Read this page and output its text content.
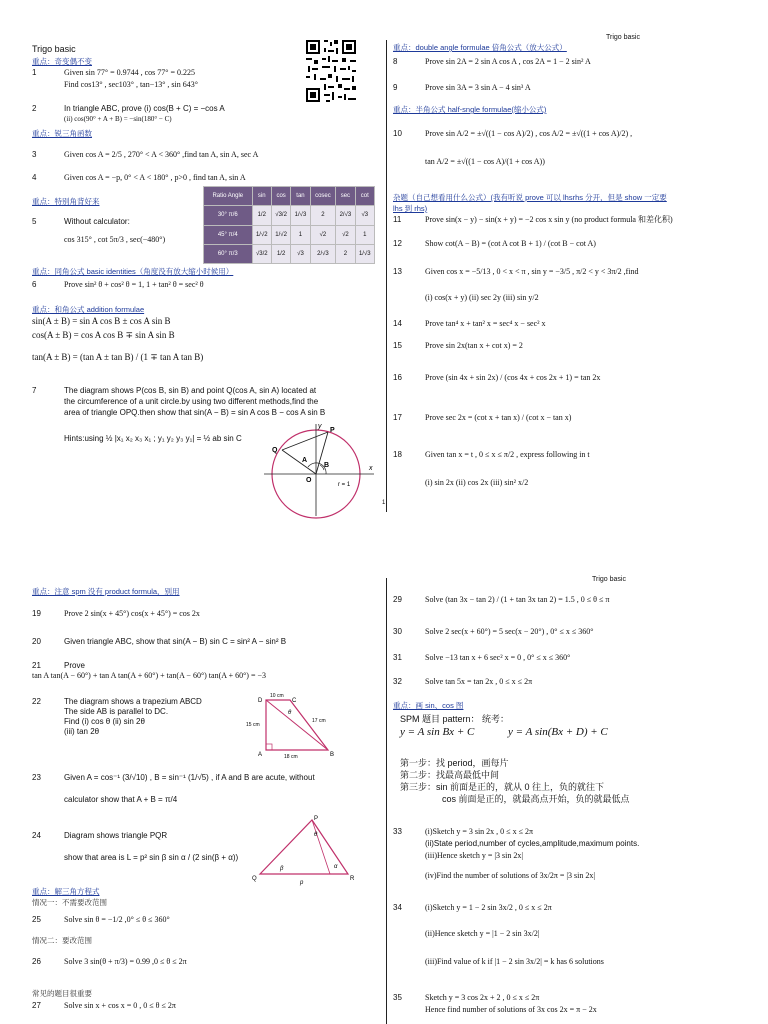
Trigo basic
1
Trigo basic
重点：奇变偶不变
1	Given sin 77° = 0.9744 , cos 77° = 0.225
Find cos13° , sec103° , tan−13° , sin 643°
2	In triangle ABC, prove (i) cos(B + C) = −cos A
(ii) cos(90° + A + B) = −sin(180° − C)
重点：锐三角函数
3	Given cos A = 2/5 , 270° < A < 360° ,find tan A, sin A, sec A
4	Given cos A = −p, 0° < A < 180° , p>0 , find tan A, sin A
重点：特别角背好来
5	Without calculator:
cos 315° , cot 5π/3 , sec(−480°)
Ratio Angle	sin	cos	tan	cosec	sec	cot
30° π/6	1/2	√3/2	1/√3	2	2/√3	√3
45° π/4	1/√2	1/√2	1	√2	√2	1
60° π/3	√3/2	1/2	√3	2/√3	2	1/√3
重点：同角公式 basic identities（角度没有放大缩小时候用）
6	Prove sin² θ + cos² θ = 1, 1 + tan² θ = sec² θ
重点：和角公式 addition formulae
sin(A ± B) = sin A cos B ± cos A sin B
cos(A ± B) = cos A cos B ∓ sin A sin B
tan(A ± B) = (tan A ± tan B) / (1 ∓ tan A tan B)
7	The diagram shows P(cos B, sin B) and point Q(cos A, sin A) located at
the circumference of a unit circle.by using two different methods,find the
area of triangle OPQ.then show that sin(A − B) = sin A cos B − cos A sin B
Hints:using ½ |x₁ x₂ x₃ x₁ ; y₁ y₂ y₃ y₁| = ½ ab sin C
y
x
O
P
Q
A
B
r = 1
重点：double angle formulae 倍角公式（放大公式）
8	Prove sin 2A = 2 sin A cos A , cos 2A = 1 − 2 sin² A
9	Prove sin 3A = 3 sin A − 4 sin³ A
重点：半角公式 half-sngle formulae(缩小公式)
10	Prove sin A/2 = ±√((1 − cos A)/2) , cos A/2 = ±√((1 + cos A)/2) ,
tan A/2 = ±√((1 − cos A)/(1 + cos A))
杂题（自己想看用什么公式）(我有听说 prove 可以 lhsrhs 分开，但是 show 一定要
lhs 到 rhs)
11	Prove sin(x − y) − sin(x + y) = −2 cos x sin y (no product formula 和差化积)
12	Show cot(A − B) = (cot A cot B + 1) / (cot B − cot A)
13	Given cos x = −5/13 , 0 < x < π , sin y = −3/5 , π/2 < y < 3π/2 ,find
(i) cos(x + y) (ii) sec 2y (iii) sin y/2
14	Prove tan⁴ x + tan² x = sec⁴ x − sec² x
15	Prove sin 2x(tan x + cot x) = 2
16	Prove (sin 4x + sin 2x) / (cos 4x + cos 2x + 1) = tan 2x
17	Prove sec 2x = (cot x + tan x) / (cot x − tan x)
18	Given tan x = t , 0 ≤ x ≤ π/2 , express following in t
(i) sin 2x (ii) cos 2x (iii) sin² x/2
Trigo basic
重点：注意 spm 没有 product formula，别用
19	Prove 2 sin(x + 45°) cos(x + 45°) = cos 2x
20	Given triangle ABC, show that sin(A − B) sin C = sin² A − sin² B
21	Prove
tan A tan(A − 60°) + tan A tan(A + 60°) + tan(A − 60°) tan(A + 60°) = −3
22	The diagram shows a trapezium ABCD
The side AB is parallel to DC.
Find (i) cos θ (ii) sin 2θ
(iii) tan 2θ
D	C
A	B
10 cm
15 cm
17 cm
18 cm
θ
23	Given A = cos⁻¹ (3/√10) , B = sin⁻¹ (1/√5) , if A and B are acute, without
calculator show that A + B = π/4
24	Diagram shows triangle PQR
show that area is L = p² sin β sin α / (2 sin(β + α))
P
Q	R
β	α
θ
p
重点：解三角方程式
情况一：不需要改范围
25	Solve sin θ = −1/2 ,0° ≤ θ ≤ 360°
情况二：要改范围
26	Solve 3 sin(θ + π/3) = 0.99 ,0 ≤ θ ≤ 2π
常见的题目很重要
27	Solve sin x + cos x = 0 , 0 ≤ θ ≤ 2π
29	Solve (tan 3x − tan 2) / (1 + tan 3x tan 2) = 1.5 , 0 ≤ θ ≤ π
30	Solve 2 sec(x + 60°) = 5 sec(x − 20°) , 0° ≤ x ≤ 360°
31	Solve −13 tan x + 6 sec² x = 0 , 0° ≤ x ≤ 360°
32	Solve tan 5x = tan 2x , 0 ≤ x ≤ 2π
重点：画 sin、cos 图
SPM 题目 pattern： 统考：
y = A sin Bx + C	y = A sin(Bx + D) + C
第一步：找 period，画每片
第二步：找最高最低中间
第三步：sin 前面是正的，就从 0 往上，负的就往下
cos 前面是正的，就最高点开始，负的就最低点
33	(i)Sketch y = 3 sin 2x , 0 ≤ x ≤ 2π
(ii)State period,number of cycles,amplitude,maximum points.
(iii)Hence sketch y = |3 sin 2x|
(iv)Find the number of solutions of 3x/2π = |3 sin 2x|
34	(i)Sketch y = 1 − 2 sin 3x/2 , 0 ≤ x ≤ 2π
(ii)Hence sketch y = |1 − 2 sin 3x/2|
(iii)Find value of k if |1 − 2 sin 3x/2| = k has 6 solutions
35	Sketch y = 3 cos 2x + 2 , 0 ≤ x ≤ 2π
Hence find number of solutions of 3x cos 2x = π − 2x
